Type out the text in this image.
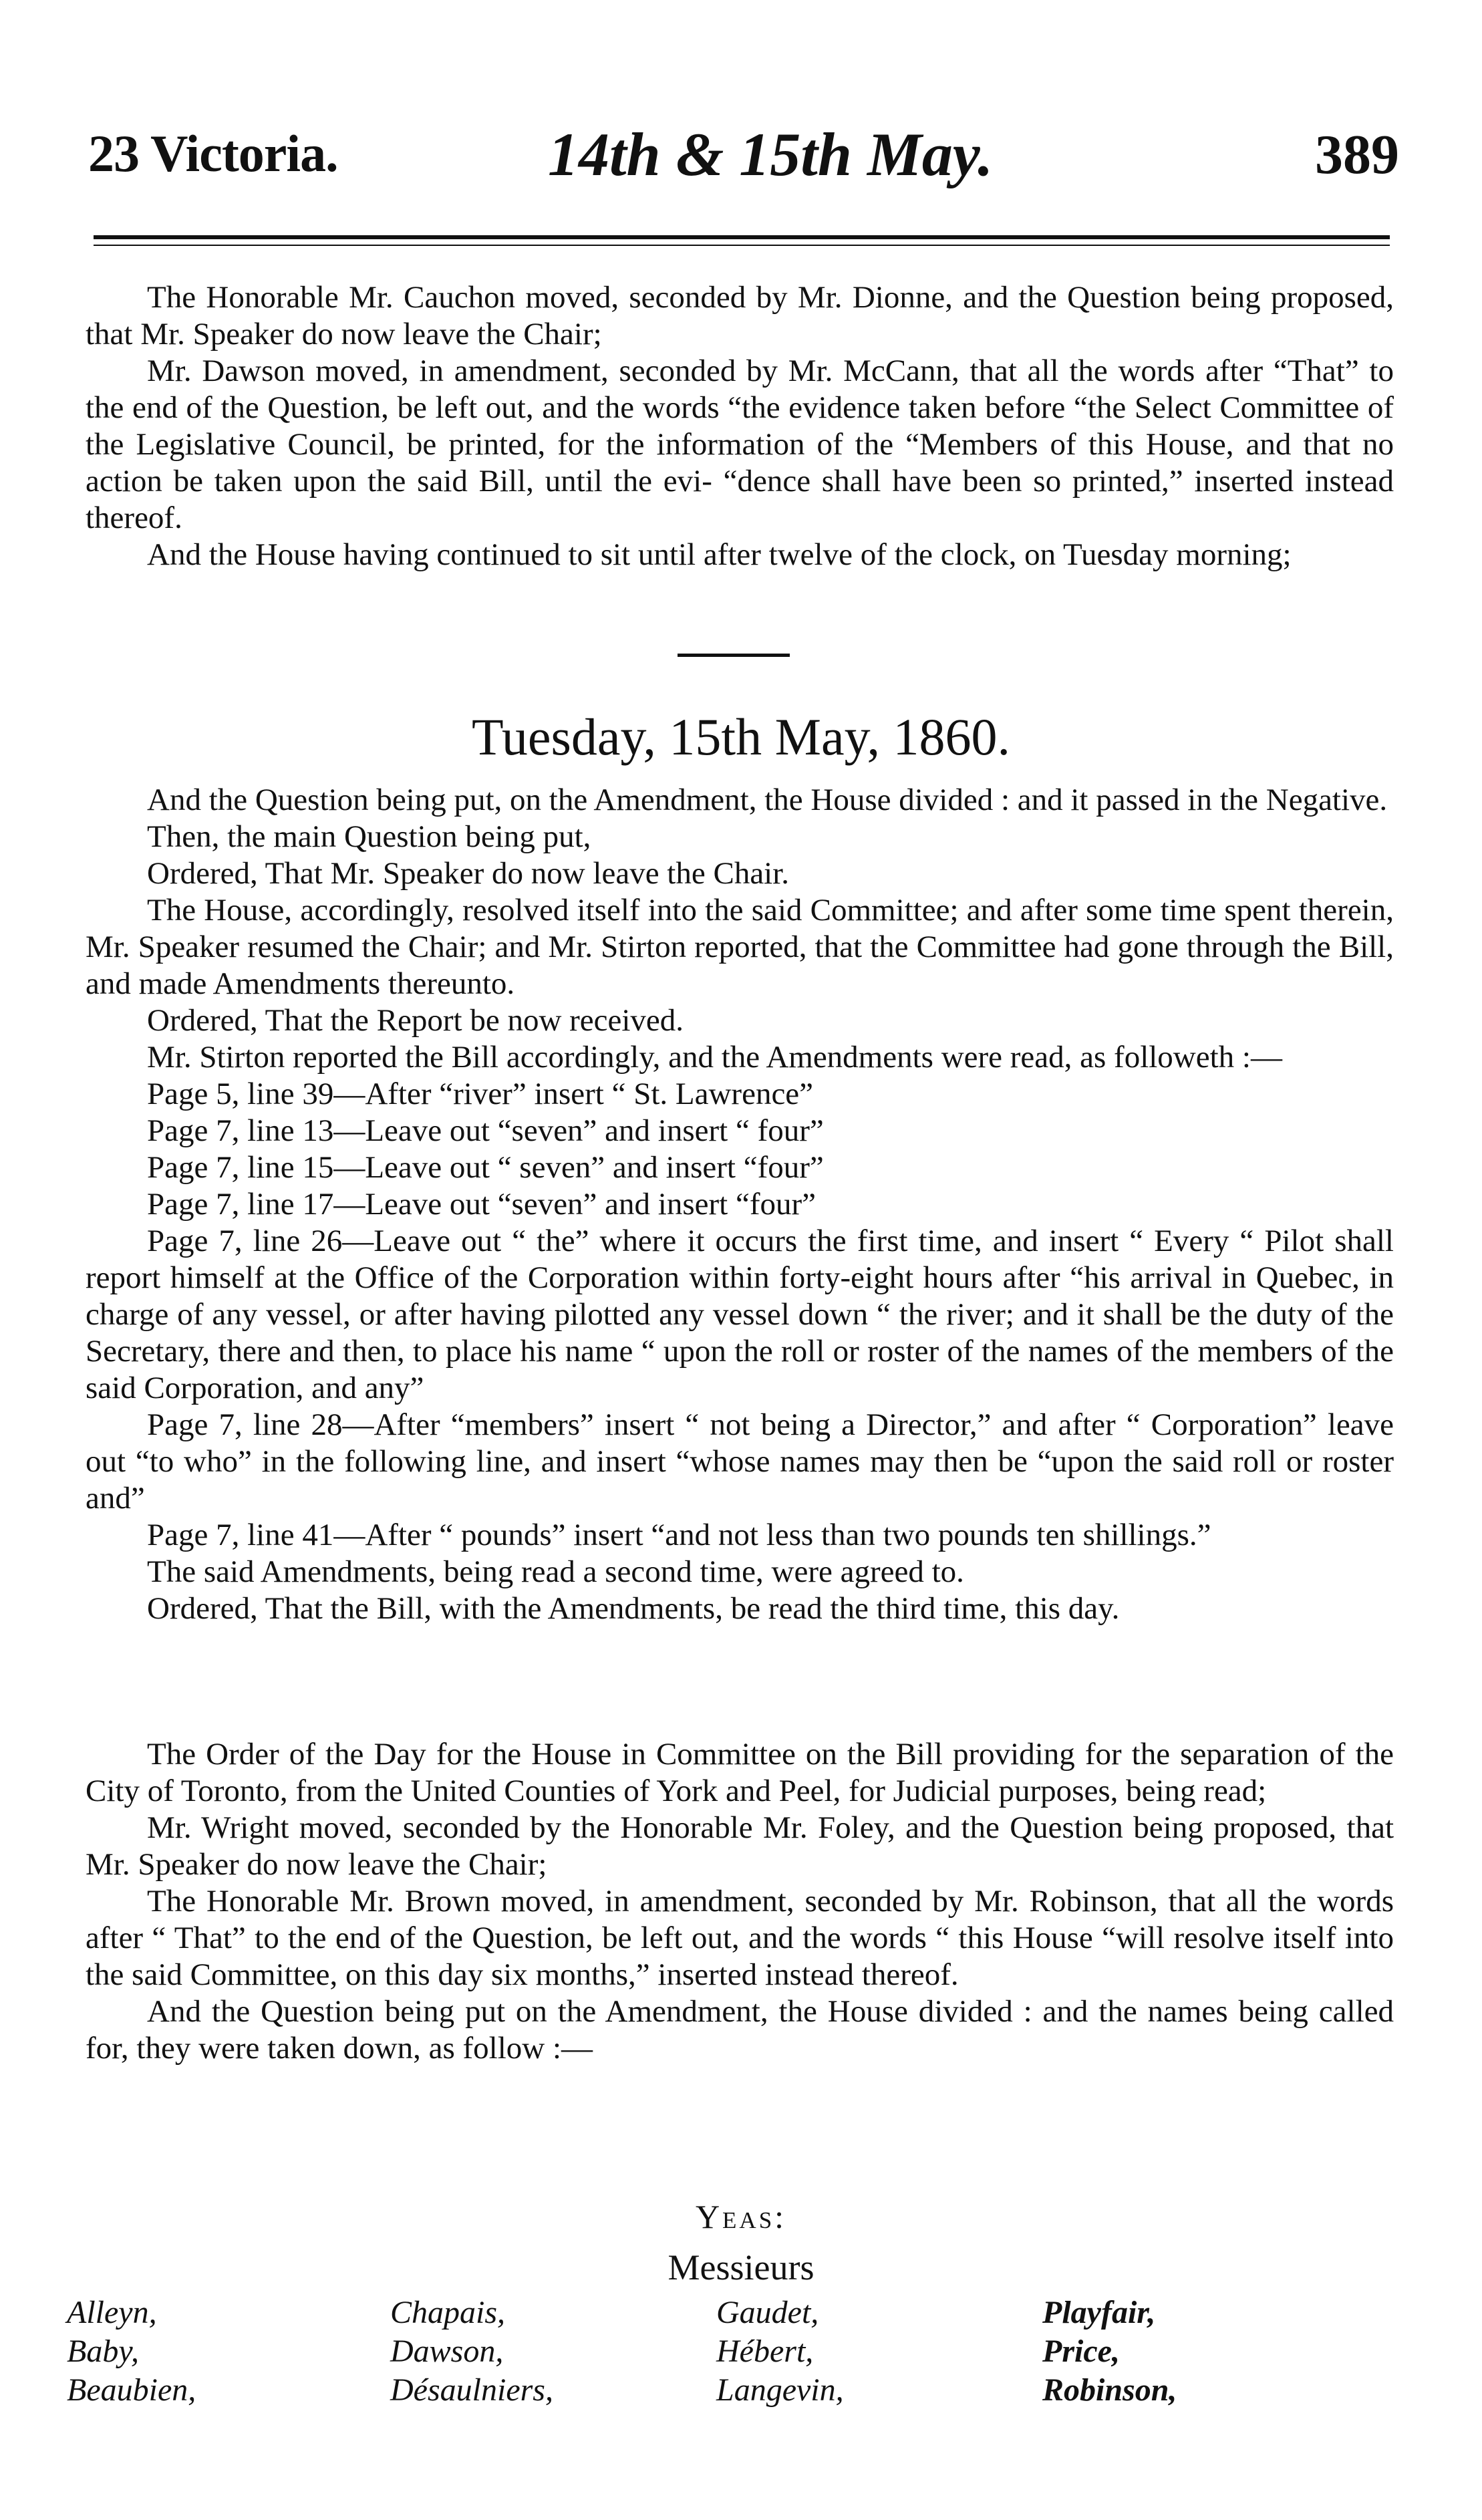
23 Victoria.	14th & 15th May.	389

The Honorable Mr. Cauchon moved, seconded by Mr. Dionne, and the Question being proposed, that Mr. Speaker do now leave the Chair;

Mr. Dawson moved, in amendment, seconded by Mr. McCann, that all the words after “That” to the end of the Question, be left out, and the words “the evidence taken before “the Select Committee of the Legislative Council, be printed, for the information of the “Members of this House, and that no action be taken upon the said Bill, until the evi- “dence shall have been so printed,” inserted instead thereof.

And the House having continued to sit until after twelve of the clock, on Tuesday morning;

Tuesday, 15th May, 1860.

And the Question being put, on the Amendment, the House divided : and it passed in the Negative.

Then, the main Question being put,

Ordered, That Mr. Speaker do now leave the Chair.

The House, accordingly, resolved itself into the said Committee; and after some time spent therein, Mr. Speaker resumed the Chair; and Mr. Stirton reported, that the Committee had gone through the Bill, and made Amendments thereunto.

Ordered, That the Report be now received.

Mr. Stirton reported the Bill accordingly, and the Amendments were read, as followeth :—

Page 5, line 39—After “river” insert “ St. Lawrence”

Page 7, line 13—Leave out “seven” and insert “ four”

Page 7, line 15—Leave out “ seven” and insert “four”

Page 7, line 17—Leave out “seven” and insert “four”

Page 7, line 26—Leave out “ the” where it occurs the first time, and insert “ Every “ Pilot shall report himself at the Office of the Corporation within forty-eight hours after “his arrival in Quebec, in charge of any vessel, or after having pilotted any vessel down “ the river; and it shall be the duty of the Secretary, there and then, to place his name “ upon the roll or roster of the names of the members of the said Corporation, and any”

Page 7, line 28—After “members” insert “ not being a Director,” and after “ Corporation” leave out “to who” in the following line, and insert “whose names may then be “upon the said roll or roster and”

Page 7, line 41—After “ pounds” insert “and not less than two pounds ten shillings.”

The said Amendments, being read a second time, were agreed to.

Ordered, That the Bill, with the Amendments, be read the third time, this day.

The Order of the Day for the House in Committee on the Bill providing for the separation of the City of Toronto, from the United Counties of York and Peel, for Judicial purposes, being read;

Mr. Wright moved, seconded by the Honorable Mr. Foley, and the Question being proposed, that Mr. Speaker do now leave the Chair;

The Honorable Mr. Brown moved, in amendment, seconded by Mr. Robinson, that all the words after “ That” to the end of the Question, be left out, and the words “ this House “will resolve itself into the said Committee, on this day six months,” inserted instead thereof.

And the Question being put on the Amendment, the House divided : and the names being called for, they were taken down, as follow :—

Yeas:
Messieurs
Alleyn,
Baby,
Beaubien,
Chapais,
Dawson,
Désaulniers,
Gaudet,
Hébert,
Langevin,
Playfair,
Price,
Robinson,
